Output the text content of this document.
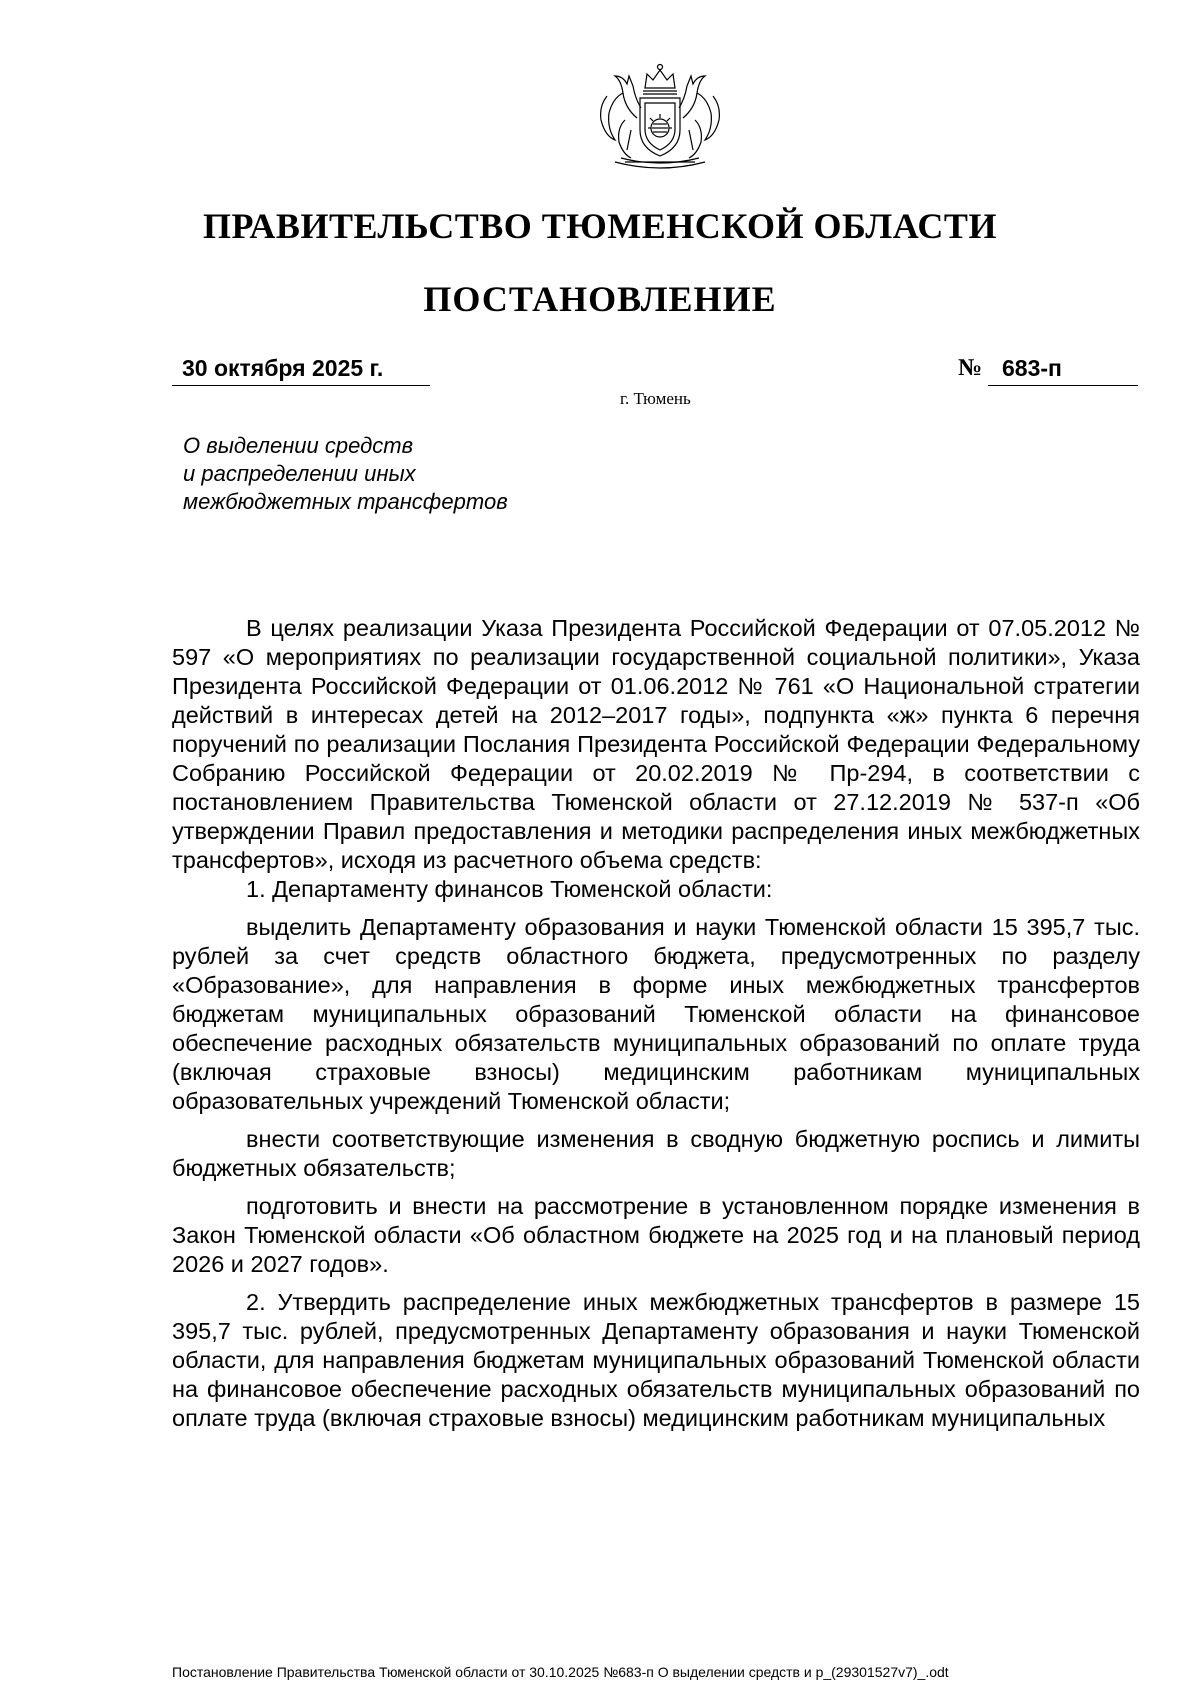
ПРАВИТЕЛЬСТВО ТЮМЕНСКОЙ ОБЛАСТИ
ПОСТАНОВЛЕНИЕ
30 октября 2025 г.	№ 683-п
г. Тюмень
О выделении средств
и распределении иных
межбюджетных трансфертов

В целях реализации Указа Президента Российской Федерации от 07.05.2012 № 597 «О мероприятиях по реализации государственной социальной политики», Указа Президента Российской Федерации от 01.06.2012 № 761 «О Национальной стратегии действий в интересах детей на 2012–2017 годы», подпункта «ж» пункта 6 перечня поручений по реализации Послания Президента Российской Федерации Федеральному Собранию Российской Федерации от 20.02.2019 № Пр-294, в соответствии с постановлением Правительства Тюменской области от 27.12.2019 № 537-п «Об утверждении Правил предоставления и методики распределения иных межбюджетных трансфертов», исходя из расчетного объема средств:

1. Департаменту финансов Тюменской области:

выделить Департаменту образования и науки Тюменской области 15 395,7 тыс. рублей за счет средств областного бюджета, предусмотренных по разделу «Образование», для направления в форме иных межбюджетных трансфертов бюджетам муниципальных образований Тюменской области на финансовое обеспечение расходных обязательств муниципальных образований по оплате труда (включая страховые взносы) медицинским работникам муниципальных образовательных учреждений Тюменской области;

внести соответствующие изменения в сводную бюджетную роспись и лимиты бюджетных обязательств;

подготовить и внести на рассмотрение в установленном порядке изменения в Закон Тюменской области «Об областном бюджете на 2025 год и на плановый период 2026 и 2027 годов».

2. Утвердить распределение иных межбюджетных трансфертов в размере 15 395,7 тыс. рублей, предусмотренных Департаменту образования и науки Тюменской области, для направления бюджетам муниципальных образований Тюменской области на финансовое обеспечение расходных обязательств муниципальных образований по оплате труда (включая страховые взносы) медицинским работникам муниципальных

Постановление Правительства Тюменской области от 30.10.2025 №683-п О выделении средств и р_(29301527v7)_.odt
